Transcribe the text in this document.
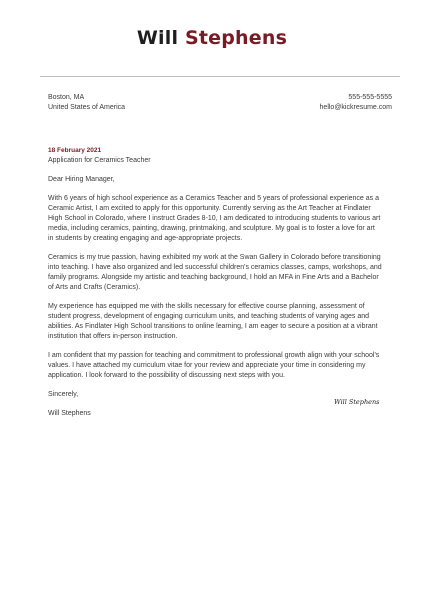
Will Stephens
Boston, MA
United States of America
555-555-5555
hello@kickresume.com
18 February 2021
Application for Ceramics Teacher
Dear Hiring Manager,

With 6 years of high school experience as a Ceramics Teacher and 5 years of professional experience as a Ceramic Artist, I am excited to apply for this opportunity. Currently serving as the Art Teacher at Findlater High School in Colorado, where I instruct Grades 8-10, I am dedicated to introducing students to various art media, including ceramics, painting, drawing, printmaking, and sculpture. My goal is to foster a love for art in students by creating engaging and age-appropriate projects.

Ceramics is my true passion, having exhibited my work at the Swan Gallery in Colorado before transitioning into teaching. I have also organized and led successful children's ceramics classes, camps, workshops, and family programs. Alongside my artistic and teaching background, I hold an MFA in Fine Arts and a Bachelor of Arts and Crafts (Ceramics).

My experience has equipped me with the skills necessary for effective course planning, assessment of student progress, development of engaging curriculum units, and teaching students of varying ages and abilities. As Findlater High School transitions to online learning, I am eager to secure a position at a vibrant institution that offers in-person instruction.

I am confident that my passion for teaching and commitment to professional growth align with your school's values. I have attached my curriculum vitae for your review and appreciate your time in considering my application. I look forward to the possibility of discussing next steps with you.

Sincerely,
Will Stephens
Will Stephens
